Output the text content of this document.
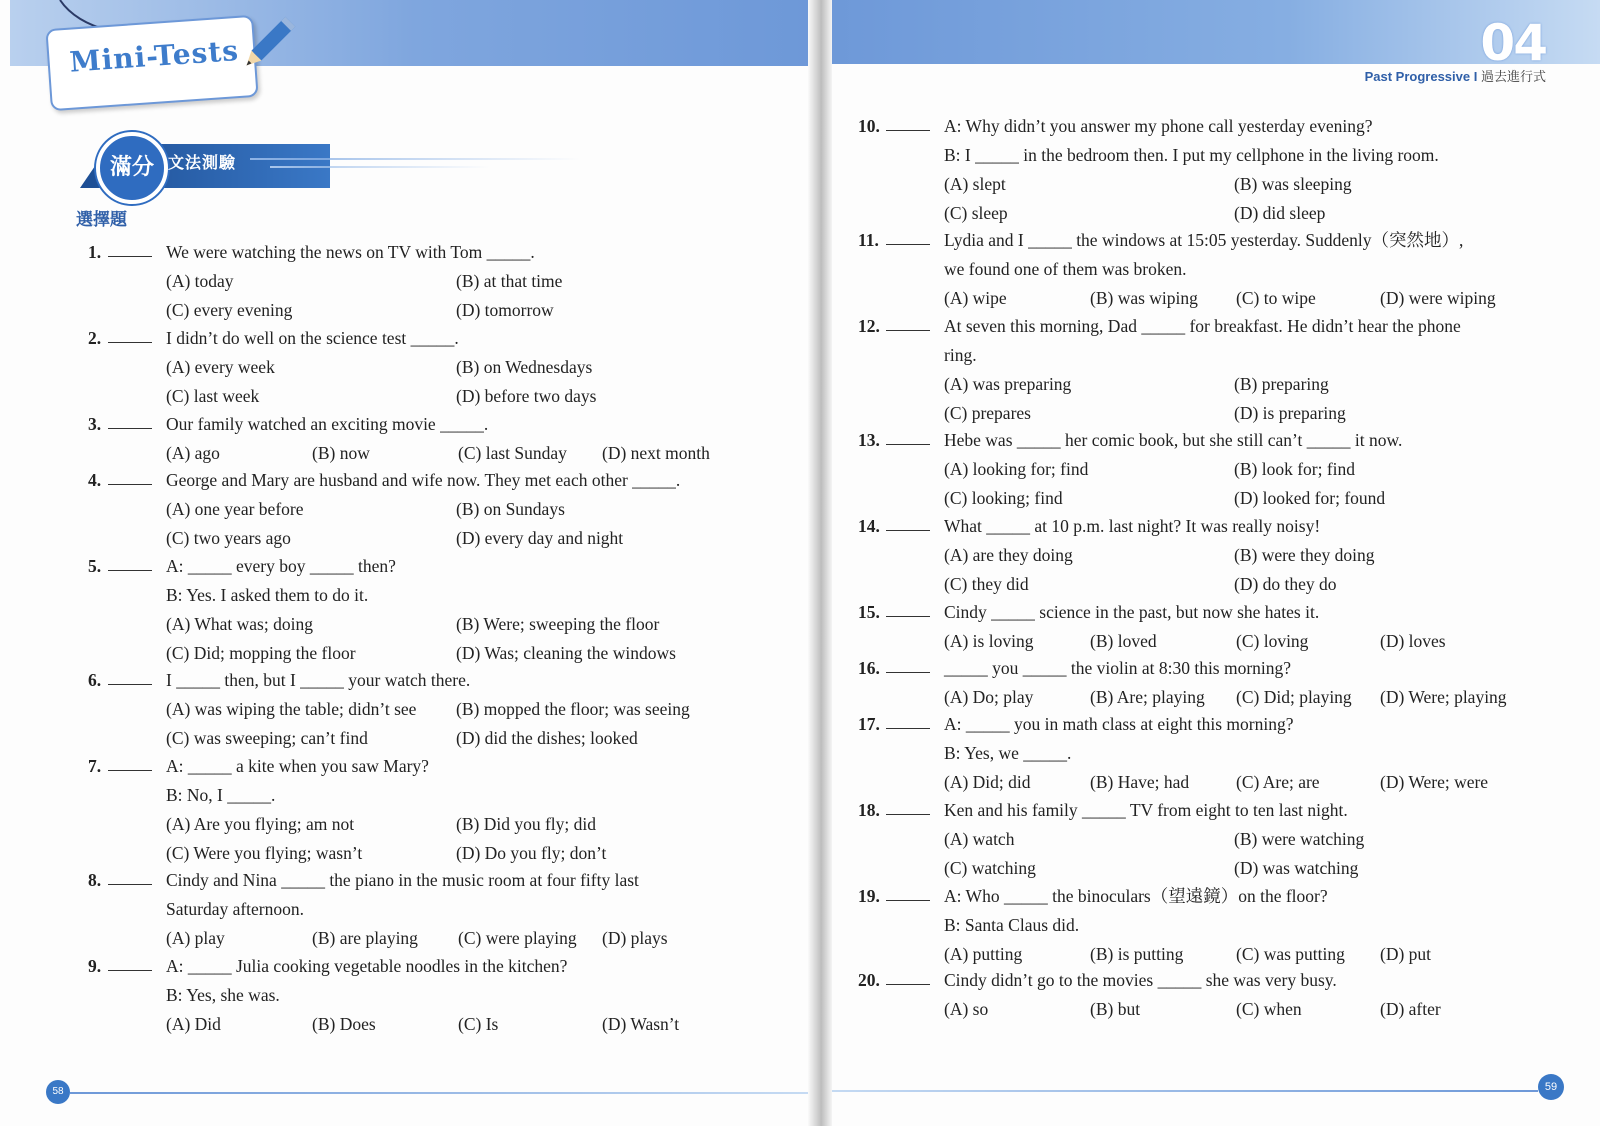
Mini-Tests
滿分 文法測驗
選擇題
1.	We were watching the news on TV with Tom _____.
(A) today	(B) at that time
(C) every evening	(D) tomorrow
2.	I didn’t do well on the science test _____.
(A) every week	(B) on Wednesdays
(C) last week	(D) before two days
3.	Our family watched an exciting movie _____.
(A) ago	(B) now	(C) last Sunday (D) next month
4.	George and Mary are husband and wife now. They met each other _____.
(A) one year before	(B) on Sundays
(C) two years ago	(D) every day and night
5.	A: _____ every boy _____ then?
B: Yes. I asked them to do it.
(A) What was; doing	(B) Were; sweeping the floor
(C) Did; mopping the floor	(D) Was; cleaning the windows
6.	I _____ then, but I _____ your watch there.
(A) was wiping the table; didn’t see (B) mopped the floor; was seeing
(C) was sweeping; can’t find	(D) did the dishes; looked
7.	A: _____ a kite when you saw Mary?
B: No, I _____.
(A) Are you flying; am not	(B) Did you fly; did
(C) Were you flying; wasn’t	(D) Do you fly; don’t
8.	Cindy and Nina _____ the piano in the music room at four fifty last
Saturday afternoon.
(A) play	(B) are playing (C) were playing (D) plays
9.	A: _____ Julia cooking vegetable noodles in the kitchen?
B: Yes, she was.
(A) Did	(B) Does	(C) Is	(D) Wasn’t
58
04
Past Progressive I 過去進行式
10.	A: Why didn’t you answer my phone call yesterday evening?
B: I _____ in the bedroom then. I put my cellphone in the living room.
(A) slept	(B) was sleeping
(C) sleep	(D) did sleep
11.	Lydia and I _____ the windows at 15:05 yesterday. Suddenly（突然地）,
we found one of them was broken.
(A) wipe	(B) was wiping (C) to wipe	(D) were wiping
12.	At seven this morning, Dad _____ for breakfast. He didn’t hear the phone
ring.
(A) was preparing	(B) preparing
(C) prepares	(D) is preparing
13.	Hebe was _____ her comic book, but she still can’t _____ it now.
(A) looking for; find	(B) look for; find
(C) looking; find	(D) looked for; found
14.	What _____ at 10 p.m. last night? It was really noisy!
(A) are they doing	(B) were they doing
(C) they did	(D) do they do
15.	Cindy _____ science in the past, but now she hates it.
(A) is loving	(B) loved	(C) loving	(D) loves
16.	_____ you _____ the violin at 8:30 this morning?
(A) Do; play	(B) Are; playing (C) Did; playing (D) Were; playing
17.	A: _____ you in math class at eight this morning?
B: Yes, we _____.
(A) Did; did	(B) Have; had	(C) Are; are	(D) Were; were
18.	Ken and his family _____ TV from eight to ten last night.
(A) watch	(B) were watching
(C) watching	(D) was watching
19.	A: Who _____ the binoculars（望遠鏡）on the floor?
B: Santa Claus did.
(A) putting	(B) is putting	(C) was putting (D) put
20.	Cindy didn’t go to the movies _____ she was very busy.
(A) so	(B) but	(C) when	(D) after
59
